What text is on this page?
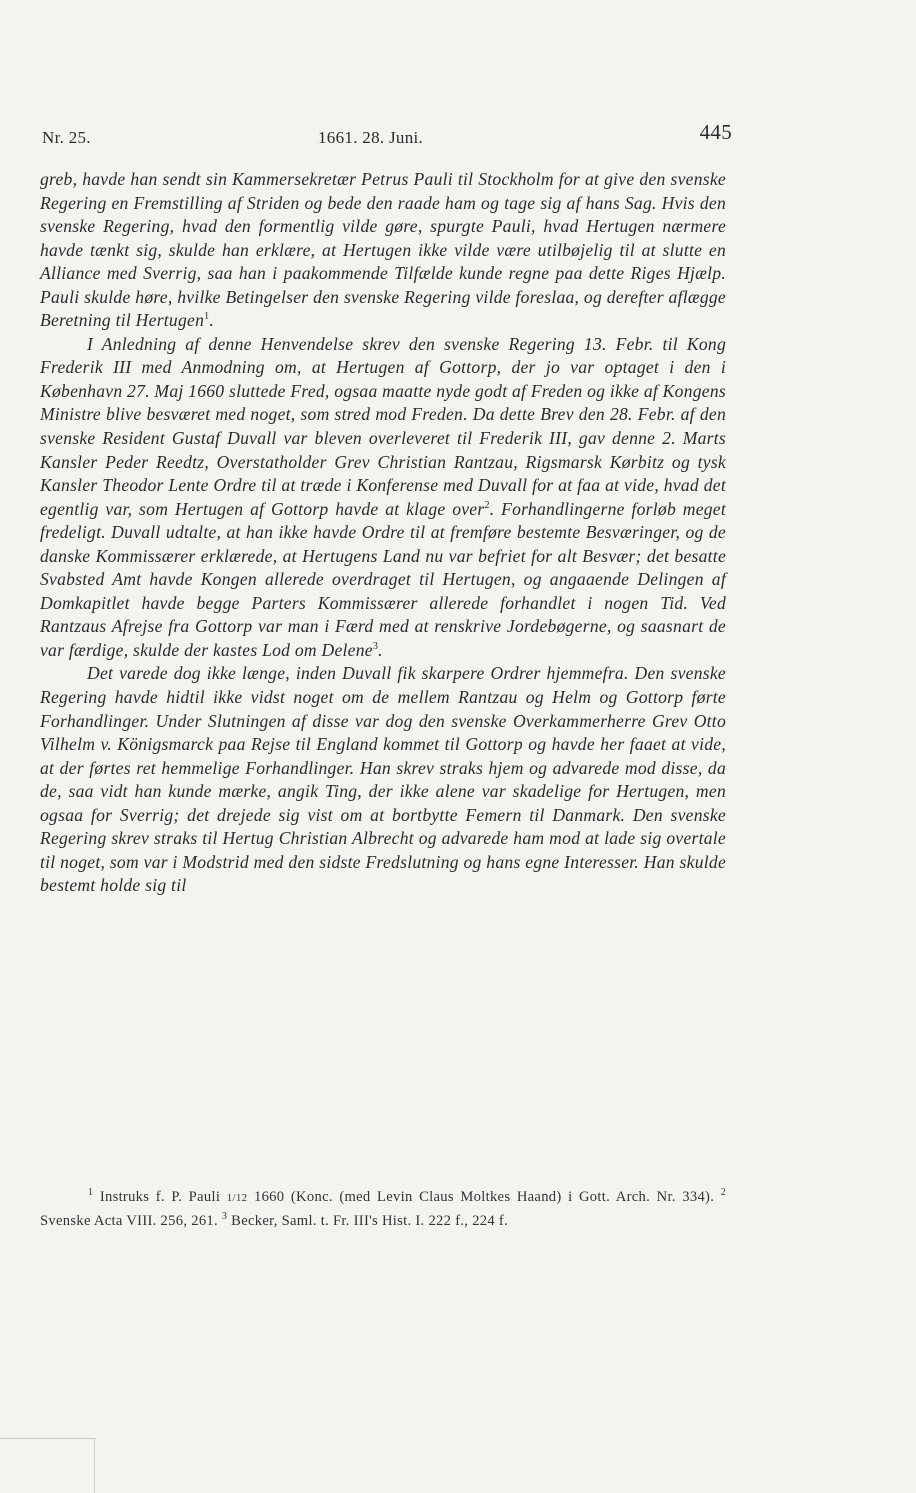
Nr. 25.	1661. 28. Juni.	445

greb, havde han sendt sin Kammersekretær Petrus Pauli til Stockholm for at give den svenske Regering en Fremstilling af Striden og bede den raade ham og tage sig af hans Sag. Hvis den svenske Regering, hvad den formentlig vilde gøre, spurgte Pauli, hvad Hertugen nærmere havde tænkt sig, skulde han erklære, at Hertugen ikke vilde være utilbøjelig til at slutte en Alliance med Sverrig, saa han i paakommende Tilfælde kunde regne paa dette Riges Hjælp. Pauli skulde høre, hvilke Betingelser den svenske Regering vilde foreslaa, og derefter aflægge Beretning til Hertugen$^1$.

I Anledning af denne Henvendelse skrev den svenske Regering 13. Febr. til Kong Frederik III med Anmodning om, at Hertugen af Gottorp, der jo var optaget i den i København 27. Maj 1660 sluttede Fred, ogsaa maatte nyde godt af Freden og ikke af Kongens Ministre blive besværet med noget, som stred mod Freden. Da dette Brev den 28. Febr. af den svenske Resident Gustaf Duvall var bleven overleveret til Frederik III, gav denne 2. Marts Kansler Peder Reedtz, Overstatholder Grev Christian Rantzau, Rigsmarsk Kørbitz og tysk Kansler Theodor Lente Ordre til at træde i Konferense med Duvall for at faa at vide, hvad det egentlig var, som Hertugen af Gottorp havde at klage over$^2$. Forhandlingerne forløb meget fredeligt. Duvall udtalte, at han ikke havde Ordre til at fremføre bestemte Besværinger, og de danske Kommissærer erklærede, at Hertugens Land nu var befriet for alt Besvær; det besatte Svabsted Amt havde Kongen allerede overdraget til Hertugen, og angaaende Delingen af Domkapitlet havde begge Parters Kommissærer allerede forhandlet i nogen Tid. Ved Rantzaus Afrejse fra Gottorp var man i Færd med at renskrive Jordebøgerne, og saasnart de var færdige, skulde der kastes Lod om Delene$^3$.

Det varede dog ikke længe, inden Duvall fik skarpere Ordrer hjemmefra. Den svenske Regering havde hidtil ikke vidst noget om de mellem Rantzau og Helm og Gottorp førte Forhandlinger. Under Slutningen af disse var dog den svenske Overkammerherre Grev Otto Vilhelm v. Königsmarck paa Rejse til England kommet til Gottorp og havde her faaet at vide, at der førtes ret hemmelige Forhandlinger. Han skrev straks hjem og advarede mod disse, da de, saa vidt han kunde mærke, angik Ting, der ikke alene var skadelige for Hertugen, men ogsaa for Sverrig; det drejede sig vist om at bortbytte Femern til Danmark. Den svenske Regering skrev straks til Hertug Christian Albrecht og advarede ham mod at lade sig overtale til noget, som var i Modstrid med den sidste Fredslutning og hans egne Interesser. Han skulde bestemt holde sig til

$^1$ Instruks f. P. Pauli 1/12 1660 (Konc. (med Levin Claus Moltkes Haand) i Gott. Arch. Nr. 334). $^2$ Svenske Acta VIII. 256, 261. $^3$ Becker, Saml. t. Fr. III's Hist. I. 222 f., 224 f.
